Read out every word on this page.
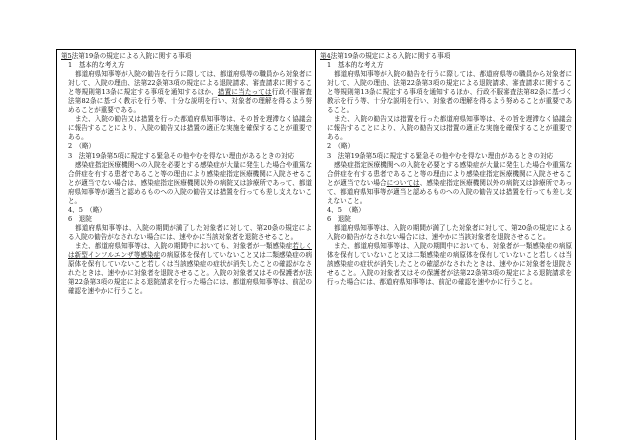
第5法第19条の規定による入院に関する事項

1　基本的な考え方

都道府県知事等が入院の勧告を行うに際しては、都道府県等の職員から対象者に対して、入院の理由、法第22条第3項の規定による退院請求、審査請求に関すること等規則第13条に規定する事項を通知するほか、措置に当たっては行政不服審査法第82条に基づく教示を行う等、十分な説明を行い、対象者の理解を得るよう努めることが重要である。

また、入院の勧告又は措置を行った都道府県知事等は、その旨を遅滞なく協議会に報告することにより、入院の勧告又は措置の適正な実施を確保することが重要である。

2　（略）

3　法第19条第5項に規定する緊急その他やむを得ない理由があるときの対応

感染症指定医療機関への入院を必要とする感染症が大量に発生した場合や重篤な合併症を有する患者であること等の理由により感染症指定医療機関に入院させることが適当でない場合は、感染症指定医療機関以外の病院又は診療所であって、都道府県知事等が適当と認めるものへの入院の勧告又は措置を行っても差し支えないこと。

4、5　（略）

6　退院

都道府県知事等は、入院の期間が満了した対象者に対して、第20条の規定による入院の勧告がなされない場合には、速やかに当該対象者を退院させること。

また、都道府県知事等は、入院の期間中においても、対象者が一類感染症若しくは新型インフルエンザ等感染症の病原体を保有していないこと又は二類感染症の病原体を保有していないこと若しくは当該感染症の症状が消失したことの確認がなされたときは、速やかに対象者を退院させること。入院の対象者又はその保護者が法第22条第3項の規定による退院請求を行った場合には、都道府県知事等は、前記の確認を速やかに行うこと。

第4法第19条の規定による入院に関する事項

1　基本的な考え方

都道府県知事等が入院の勧告を行うに際しては、都道府県等の職員から対象者に対して、入院の理由、法第22条第3項の規定による退院請求、審査請求に関すること等規則第13条に規定する事項を通知するほか、行政不服審査法第82条に基づく教示を行う等、十分な説明を行い、対象者の理解を得るよう努めることが重要であること。

また、入院の勧告又は措置を行った都道府県知事等は、その旨を遅滞なく協議会に報告することにより、入院の勧告又は措置の適正な実施を確保することが重要である。

2　（略）

3　法第19条第5項に規定する緊急その他やむを得ない理由があるときの対応

感染症指定医療機関への入院を必要とする感染症が大量に発生した場合や重篤な合併症を有する患者であること等の理由により感染症指定医療機関に入院させることが適当でない場合については、感染症指定医療機関以外の病院又は診療所であって、都道府県知事等が適当と認めるものへの入院の勧告又は措置を行っても差し支えないこと。

4、5　（略）

6　退院

都道府県知事等は、入院の期間が満了した対象者に対して、第20条の規定による入院の勧告がなされない場合には、速やかに当該対象者を退院させること。

また、都道府県知事等は、入院の期間中においても、対象者が一類感染症の病原体を保有していないこと又は二類感染症の病原体を保有していないこと若しくは当該感染症の症状が消失したことの確認がなされたときは、速やかに対象者を退院させること。入院の対象者又はその保護者が法第22条第3項の規定による退院請求を行った場合には、都道府県知事等は、前記の確認を速やかに行うこと。
